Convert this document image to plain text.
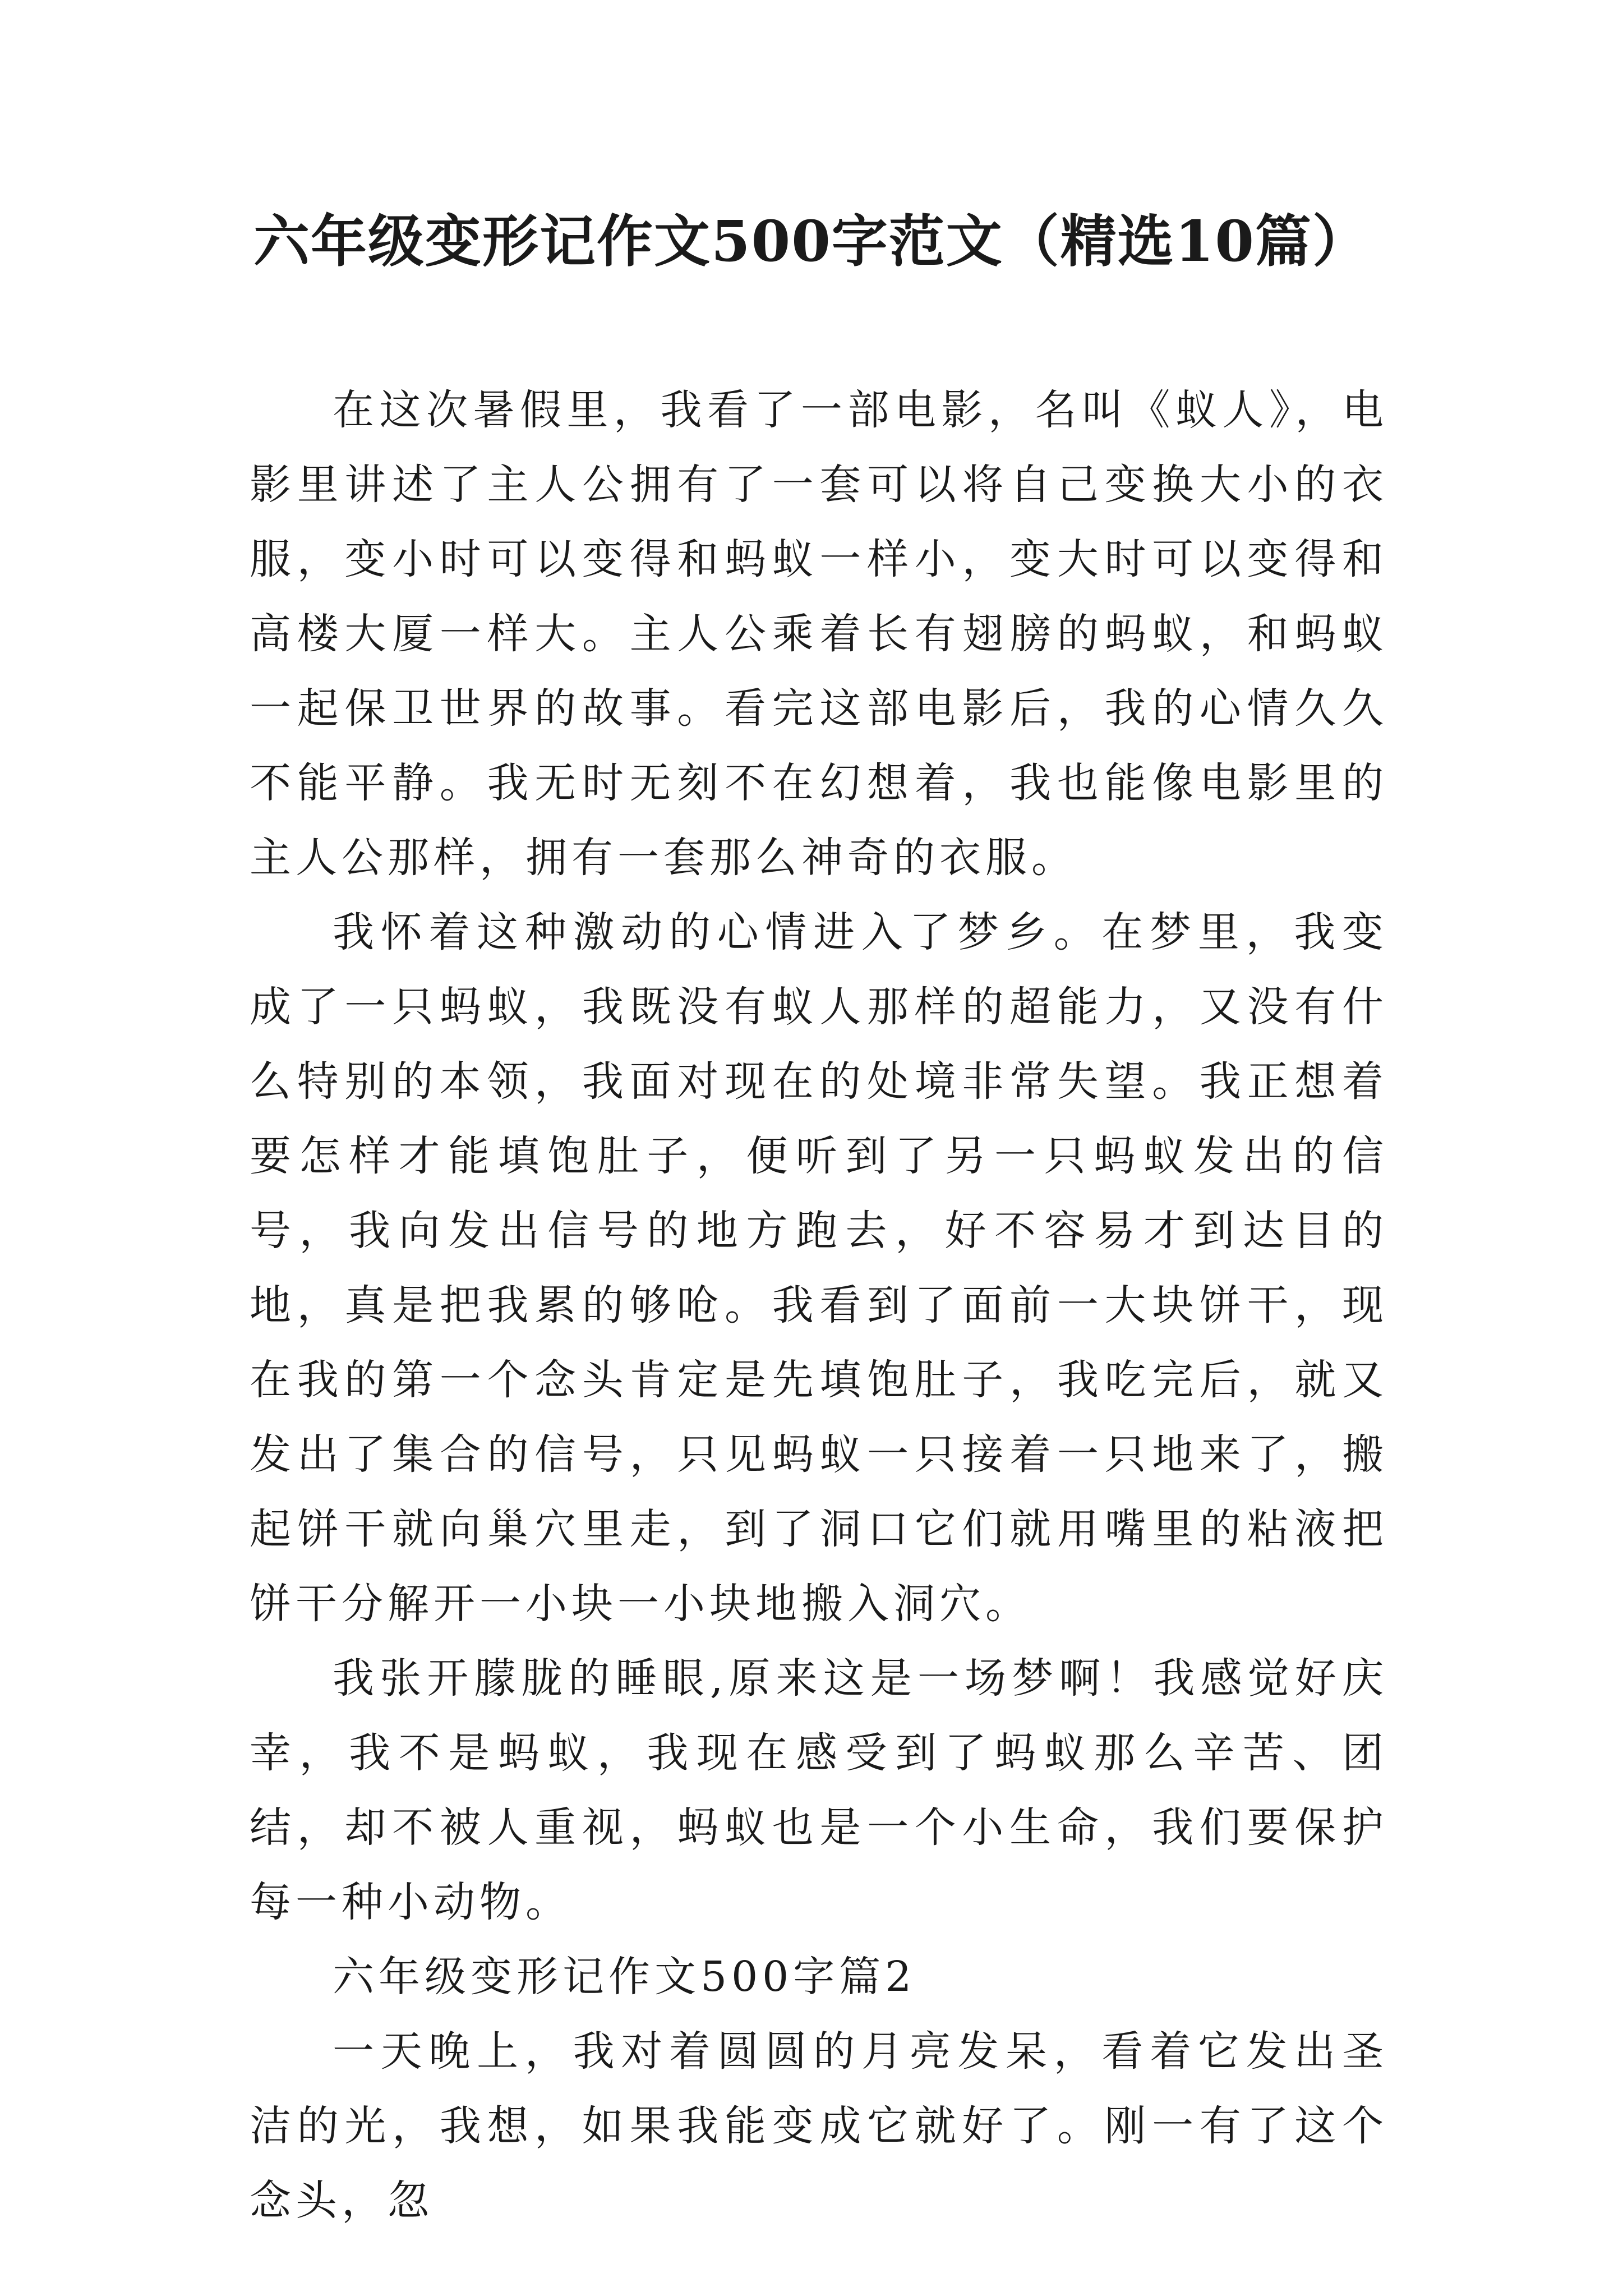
六年级变形记作文500字范文（精选10篇）

在这次暑假里，我看了一部电影，名叫《蚁人》，电影里讲述了主人公拥有了一套可以将自己变换大小的衣服，变小时可以变得和蚂蚁一样小，变大时可以变得和高楼大厦一样大。主人公乘着长有翅膀的蚂蚁，和蚂蚁一起保卫世界的故事。看完这部电影后，我的心情久久不能平静。我无时无刻不在幻想着，我也能像电影里的主人公那样，拥有一套那么神奇的衣服。

我怀着这种激动的心情进入了梦乡。在梦里，我变成了一只蚂蚁，我既没有蚁人那样的超能力，又没有什么特别的本领，我面对现在的处境非常失望。我正想着要怎样才能填饱肚子，便听到了另一只蚂蚁发出的信号，我向发出信号的地方跑去，好不容易才到达目的地，真是把我累的够呛。我看到了面前一大块饼干，现在我的第一个念头肯定是先填饱肚子，我吃完后，就又发出了集合的信号，只见蚂蚁一只接着一只地来了，搬起饼干就向巢穴里走，到了洞口它们就用嘴里的粘液把饼干分解开一小块一小块地搬入洞穴。

我张开朦胧的睡眼,原来这是一场梦啊！我感觉好庆幸，我不是蚂蚁，我现在感受到了蚂蚁那么辛苦、团结，却不被人重视，蚂蚁也是一个小生命，我们要保护每一种小动物。

六年级变形记作文500字篇2

一天晚上，我对着圆圆的月亮发呆，看着它发出圣洁的光，我想，如果我能变成它就好了。刚一有了这个念头，忽
